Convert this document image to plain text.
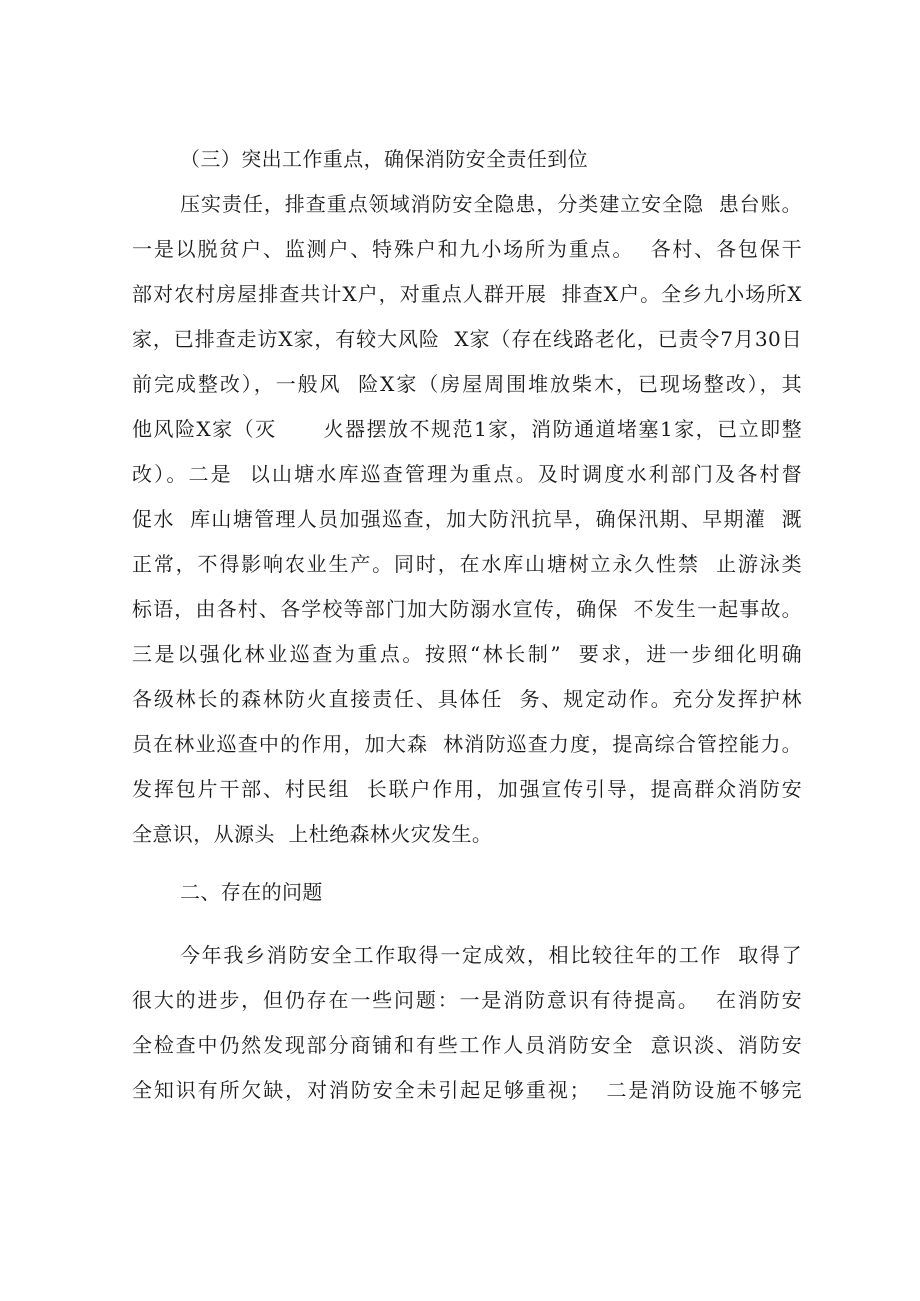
（三）突出工作重点，确保消防安全责任到位
压实责任，排查重点领域消防安全隐患，分类建立安全隐  患台账。
一是以脱贫户、监测户、特殊户和九小场所为重点。  各村、各包保干
部对农村房屋排查共计X户，对重点人群开展  排查X户。全乡九小场所X
家，已排查走访X家，有较大风险  X家（存在线路老化，已责令7月30日
前完成整改），一般风  险X家（房屋周围堆放柴木，已现场整改），其
他风险X家（灭      火器摆放不规范1家，消防通道堵塞1家，已立即整
改）。二是  以山塘水库巡查管理为重点。及时调度水利部门及各村督
促水  库山塘管理人员加强巡查，加大防汛抗旱，确保汛期、早期灌  溉
正常，不得影响农业生产。同时，在水库山塘树立永久性禁  止游泳类
标语，由各村、各学校等部门加大防溺水宣传，确保  不发生一起事故。
三是以强化林业巡查为重点。按照“林长制”  要求，进一步细化明确
各级林长的森林防火直接责任、具体任  务、规定动作。充分发挥护林
员在林业巡查中的作用，加大森  林消防巡查力度，提高综合管控能力。
发挥包片干部、村民组  长联户作用，加强宣传引导，提高群众消防安
全意识，从源头  上杜绝森林火灾发生。
二、存在的问题
今年我乡消防安全工作取得一定成效，相比较往年的工作  取得了
很大的进步，但仍存在一些问题：一是消防意识有待提高。  在消防安
全检查中仍然发现部分商铺和有些工作人员消防安全  意识淡、消防安
全知识有所欠缺，对消防安全未引起足够重视；  二是消防设施不够完
